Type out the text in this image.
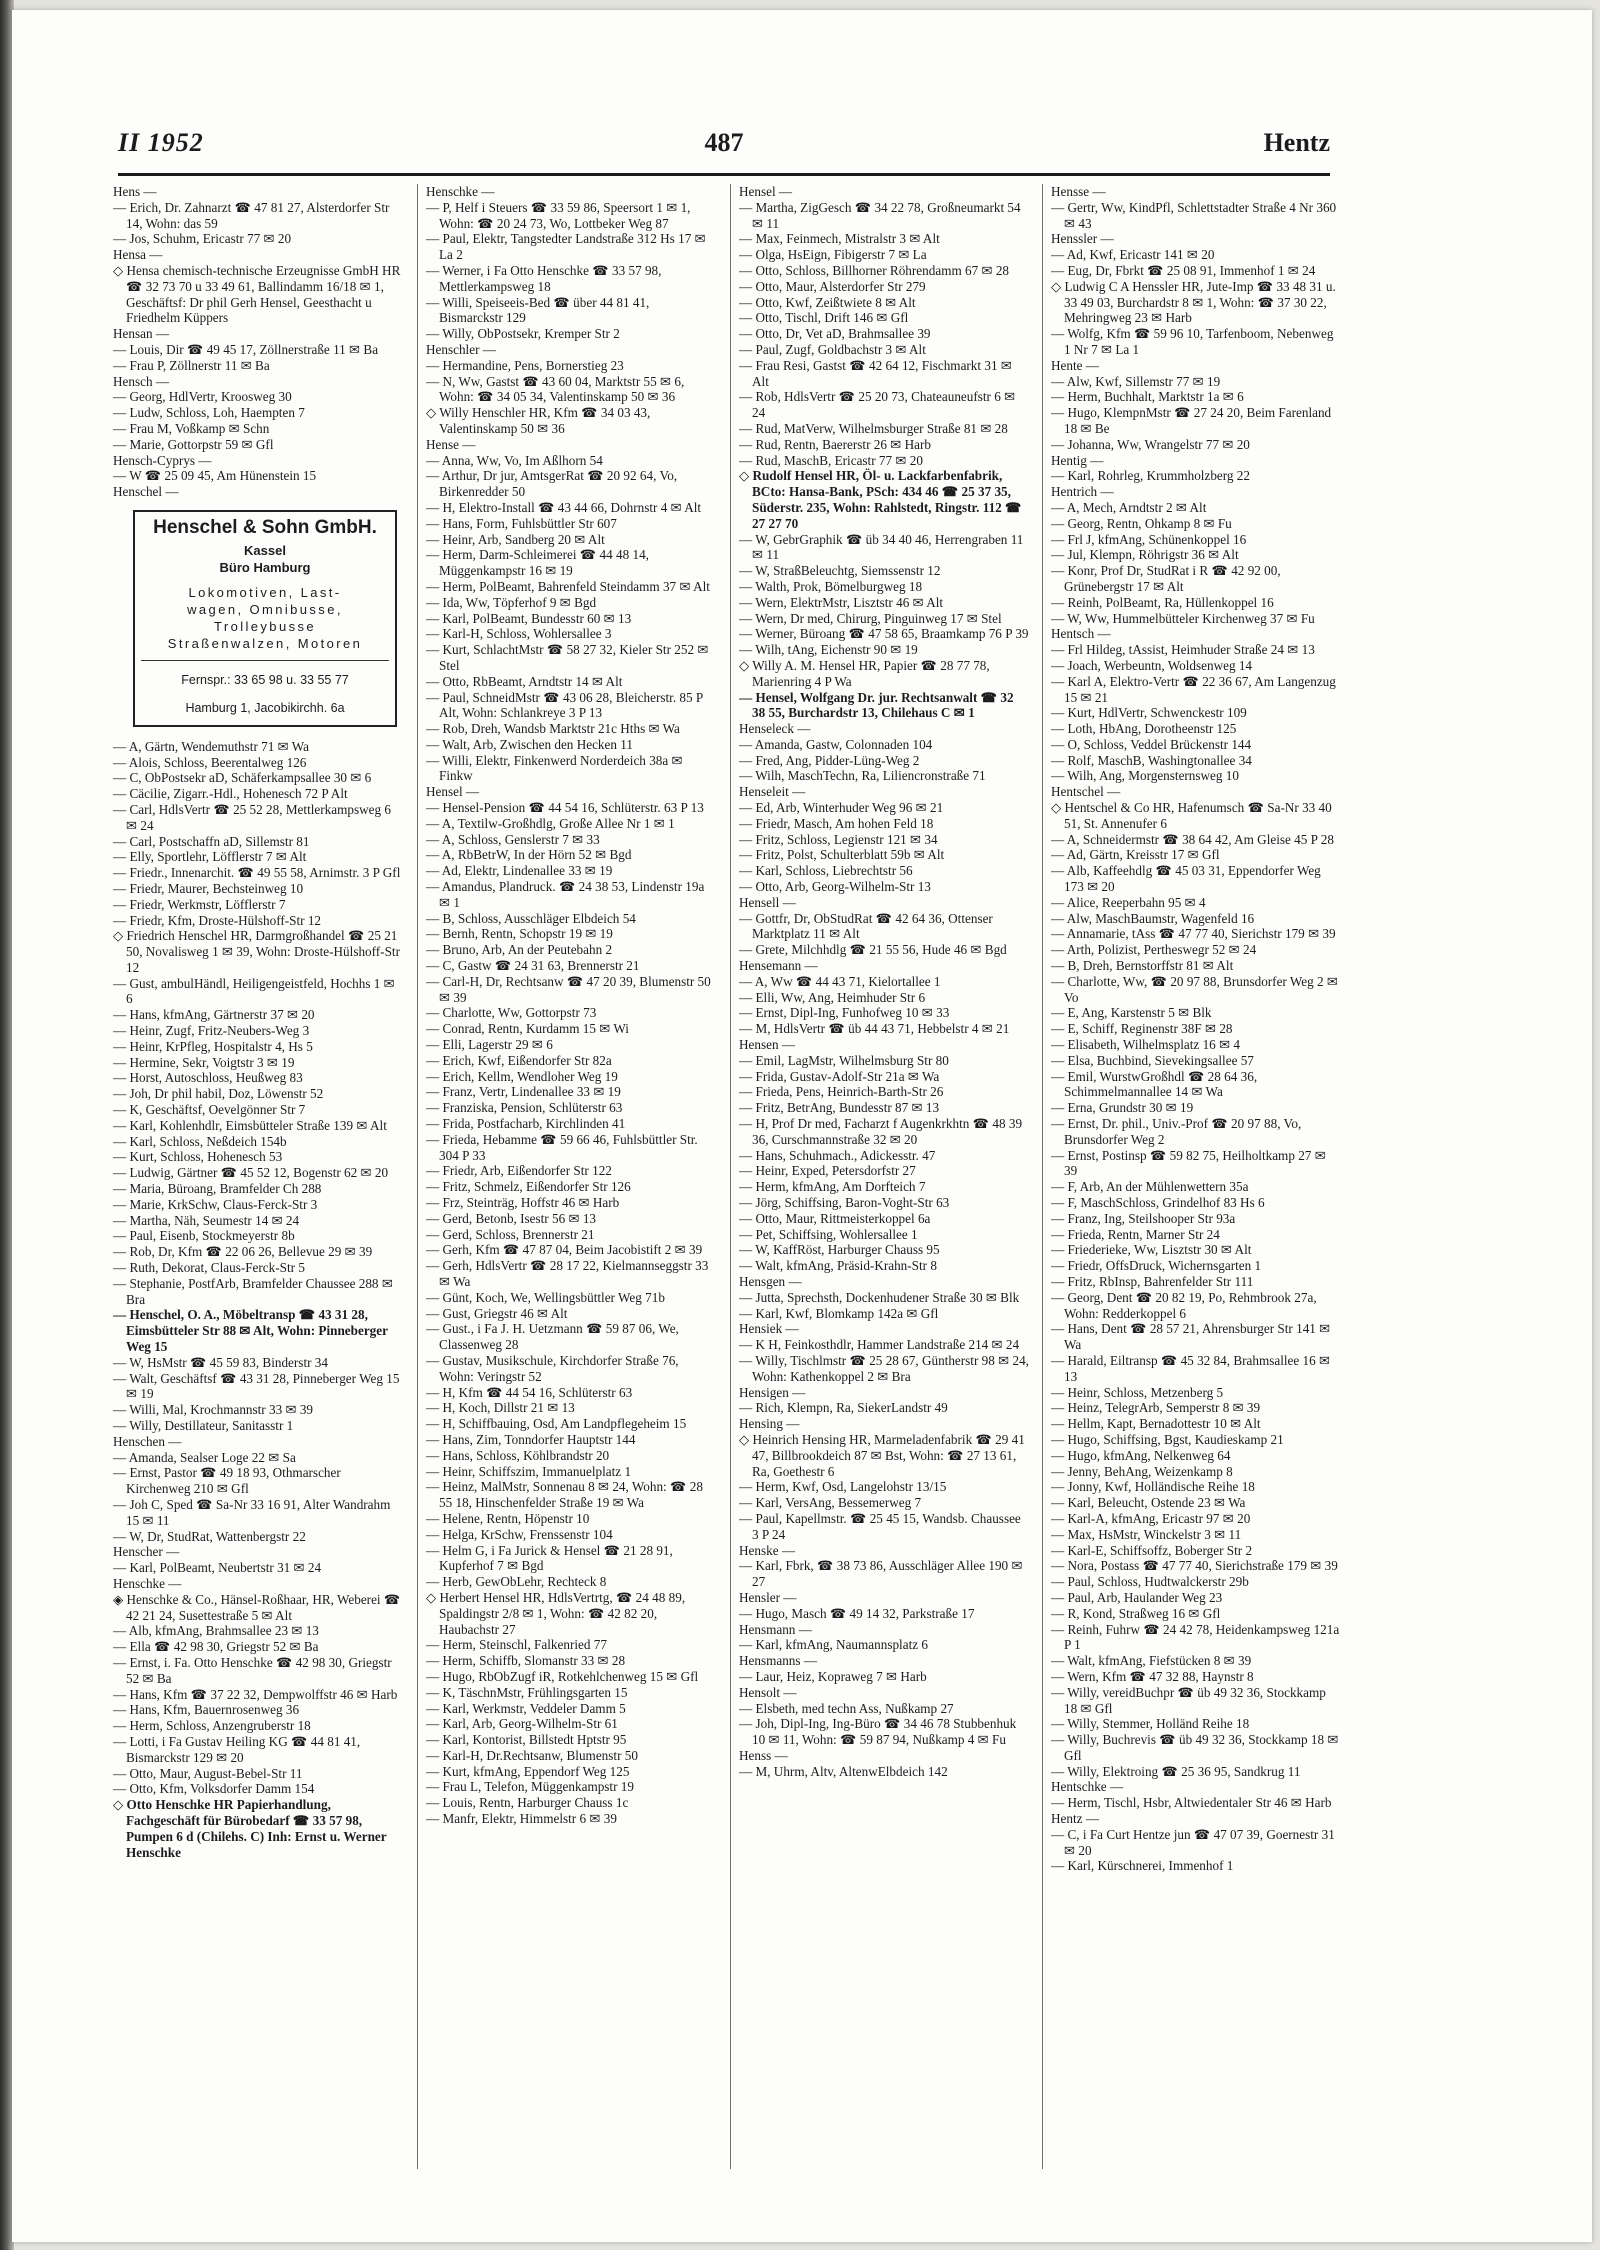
II 1952	487	Hentz

Hens —

— Erich, Dr. Zahnarzt ☎ 47 81 27, Alsterdorfer Str 14, Wohn: das 59

— Jos, Schuhm, Ericastr 77 ✉ 20

Hensa —

◇ Hensa chemisch-technische Erzeugnisse GmbH HR ☎ 32 73 70 u 33 49 61, Ballindamm 16/18 ✉ 1, Geschäftsf: Dr phil Gerh Hensel, Geesthacht u Friedhelm Küppers

Hensan —

— Louis, Dir ☎ 49 45 17, Zöllnerstraße 11 ✉ Ba

— Frau P, Zöllnerstr 11 ✉ Ba

Hensch —

— Georg, HdlVertr, Kroosweg 30

— Ludw, Schloss, Loh, Haempten 7

— Frau M, Voßkamp ✉ Schn

— Marie, Gottorpstr 59 ✉ Gfl

Hensch-Cyprys —

— W ☎ 25 09 45, Am Hünenstein 15

Henschel —

Henschel & Sohn GmbH.
Kassel
Büro Hamburg
Lokomotiven, Last-
wagen, Omnibusse,
Trolleybusse
Straßenwalzen, Motoren
Fernspr.: 33 65 98 u. 33 55 77
Hamburg 1, Jacobikirchh. 6a

— A, Gärtn, Wendemuthstr 71 ✉ Wa

— Alois, Schloss, Beerentalweg 126

— C, ObPostsekr aD, Schäferkampsallee 30 ✉ 6

— Cäcilie, Zigarr.-Hdl., Hohenesch 72 P Alt

— Carl, HdlsVertr ☎ 25 52 28, Mettlerkampsweg 6 ✉ 24

— Carl, Postschaffn aD, Sillemstr 81

— Elly, Sportlehr, Löfflerstr 7 ✉ Alt

— Friedr., Innenarchit. ☎ 49 55 58, Arnimstr. 3 P Gfl

— Friedr, Maurer, Bechsteinweg 10

— Friedr, Werkmstr, Löfflerstr 7

— Friedr, Kfm, Droste-Hülshoff-Str 12

◇ Friedrich Henschel HR, Darmgroßhandel ☎ 25 21 50, Novalisweg 1 ✉ 39, Wohn: Droste-Hülshoff-Str 12

— Gust, ambulHändl, Heiligengeistfeld, Hochhs 1 ✉ 6

— Hans, kfmAng, Gärtnerstr 37 ✉ 20

— Heinr, Zugf, Fritz-Neubers-Weg 3

— Heinr, KrPfleg, Hospitalstr 4, Hs 5

— Hermine, Sekr, Voigtstr 3 ✉ 19

— Horst, Autoschloss, Heußweg 83

— Joh, Dr phil habil, Doz, Löwenstr 52

— K, Geschäftsf, Oevelgönner Str 7

— Karl, Kohlenhdlr, Eimsbütteler Straße 139 ✉ Alt

— Karl, Schloss, Neßdeich 154b

— Kurt, Schloss, Hohenesch 53

— Ludwig, Gärtner ☎ 45 52 12, Bogenstr 62 ✉ 20

— Maria, Büroang, Bramfelder Ch 288

— Marie, KrkSchw, Claus-Ferck-Str 3

— Martha, Näh, Seumestr 14 ✉ 24

— Paul, Eisenb, Stockmeyerstr 8b

— Rob, Dr, Kfm ☎ 22 06 26, Bellevue 29 ✉ 39

— Ruth, Dekorat, Claus-Ferck-Str 5

— Stephanie, PostfArb, Bramfelder Chaussee 288 ✉ Bra

— Henschel, O. A., Möbeltransp ☎ 43 31 28, Eimsbütteler Str 88 ✉ Alt, Wohn: Pinneberger Weg 15

— W, HsMstr ☎ 45 59 83, Binderstr 34

— Walt, Geschäftsf ☎ 43 31 28, Pinneberger Weg 15 ✉ 19

— Willi, Mal, Krochmannstr 33 ✉ 39

— Willy, Destillateur, Sanitasstr 1

Henschen —

— Amanda, Sealser Loge 22 ✉ Sa

— Ernst, Pastor ☎ 49 18 93, Othmarscher Kirchenweg 210 ✉ Gfl

— Joh C, Sped ☎ Sa-Nr 33 16 91, Alter Wandrahm 15 ✉ 11

— W, Dr, StudRat, Wattenbergstr 22

Henscher —

— Karl, PolBeamt, Neubertstr 31 ✉ 24

Henschke —

◈ Henschke & Co., Hänsel-Roßhaar, HR, Weberei ☎ 42 21 24, Susettestraße 5 ✉ Alt

— Alb, kfmAng, Brahmsallee 23 ✉ 13

— Ella ☎ 42 98 30, Griegstr 52 ✉ Ba

— Ernst, i. Fa. Otto Henschke ☎ 42 98 30, Griegstr 52 ✉ Ba

— Hans, Kfm ☎ 37 22 32, Dempwolffstr 46 ✉ Harb

— Hans, Kfm, Bauernrosenweg 36

— Herm, Schloss, Anzengruberstr 18

— Lotti, i Fa Gustav Heiling KG ☎ 44 81 41, Bismarckstr 129 ✉ 20

— Otto, Maur, August-Bebel-Str 11

— Otto, Kfm, Volksdorfer Damm 154

◇ Otto Henschke HR Papierhandlung, Fachgeschäft für Bürobedarf ☎ 33 57 98, Pumpen 6 d (Chilehs. C) Inh: Ernst u. Werner Henschke

Henschke —

— P, Helf i Steuers ☎ 33 59 86, Speersort 1 ✉ 1, Wohn: ☎ 20 24 73, Wo, Lottbeker Weg 87

— Paul, Elektr, Tangstedter Landstraße 312 Hs 17 ✉ La 2

— Werner, i Fa Otto Henschke ☎ 33 57 98, Mettlerkampsweg 18

— Willi, Speiseeis-Bed ☎ über 44 81 41, Bismarckstr 129

— Willy, ObPostsekr, Kremper Str 2

Henschler —

— Hermandine, Pens, Bornerstieg 23

— N, Ww, Gastst ☎ 43 60 04, Marktstr 55 ✉ 6, Wohn: ☎ 34 05 34, Valentinskamp 50 ✉ 36

◇ Willy Henschler HR, Kfm ☎ 34 03 43, Valentinskamp 50 ✉ 36

Hense —

— Anna, Ww, Vo, Im Aßlhorn 54

— Arthur, Dr jur, AmtsgerRat ☎ 20 92 64, Vo, Birkenredder 50

— H, Elektro-Install ☎ 43 44 66, Dohrnstr 4 ✉ Alt

— Hans, Form, Fuhlsbüttler Str 607

— Heinr, Arb, Sandberg 20 ✉ Alt

— Herm, Darm-Schleimerei ☎ 44 48 14, Müggenkampstr 16 ✉ 19

— Herm, PolBeamt, Bahrenfeld Steindamm 37 ✉ Alt

— Ida, Ww, Töpferhof 9 ✉ Bgd

— Karl, PolBeamt, Bundesstr 60 ✉ 13

— Karl-H, Schloss, Wohlersallee 3

— Kurt, SchlachtMstr ☎ 58 27 32, Kieler Str 252 ✉ Stel

— Otto, RbBeamt, Arndtstr 14 ✉ Alt

— Paul, SchneidMstr ☎ 43 06 28, Bleicherstr. 85 P Alt, Wohn: Schlankreye 3 P 13

— Rob, Dreh, Wandsb Marktstr 21c Hths ✉ Wa

— Walt, Arb, Zwischen den Hecken 11

— Willi, Elektr, Finkenwerd Norderdeich 38a ✉ Finkw

Hensel —

— Hensel-Pension ☎ 44 54 16, Schlüterstr. 63 P 13

— A, Textilw-Großhdlg, Große Allee Nr 1 ✉ 1

— A, Schloss, Genslerstr 7 ✉ 33

— A, RbBetrW, In der Hörn 52 ✉ Bgd

— Ad, Elektr, Lindenallee 33 ✉ 19

— Amandus, Plandruck. ☎ 24 38 53, Lindenstr 19a ✉ 1

— B, Schloss, Ausschläger Elbdeich 54

— Bernh, Rentn, Schopstr 19 ✉ 19

— Bruno, Arb, An der Peutebahn 2

— C, Gastw ☎ 24 31 63, Brennerstr 21

— Carl-H, Dr, Rechtsanw ☎ 47 20 39, Blumenstr 50 ✉ 39

— Charlotte, Ww, Gottorpstr 73

— Conrad, Rentn, Kurdamm 15 ✉ Wi

— Elli, Lagerstr 29 ✉ 6

— Erich, Kwf, Eißendorfer Str 82a

— Erich, Kellm, Wendloher Weg 19

— Franz, Vertr, Lindenallee 33 ✉ 19

— Franziska, Pension, Schlüterstr 63

— Frida, Postfacharb, Kirchlinden 41

— Frieda, Hebamme ☎ 59 66 46, Fuhlsbüttler Str. 304 P 33

— Friedr, Arb, Eißendorfer Str 122

— Fritz, Schmelz, Eißendorfer Str 126

— Frz, Steinträg, Hoffstr 46 ✉ Harb

— Gerd, Betonb, Isestr 56 ✉ 13

— Gerd, Schloss, Brennerstr 21

— Gerh, Kfm ☎ 47 87 04, Beim Jacobistift 2 ✉ 39

— Gerh, HdlsVertr ☎ 28 17 22, Kielmannseggstr 33 ✉ Wa

— Günt, Koch, We, Wellingsbüttler Weg 71b

— Gust, Griegstr 46 ✉ Alt

— Gust., i Fa J. H. Uetzmann ☎ 59 87 06, We, Classenweg 28

— Gustav, Musikschule, Kirchdorfer Straße 76, Wohn: Veringstr 52

— H, Kfm ☎ 44 54 16, Schlüterstr 63

— H, Koch, Dillstr 21 ✉ 13

— H, Schiffbauing, Osd, Am Landpflegeheim 15

— Hans, Zim, Tonndorfer Hauptstr 144

— Hans, Schloss, Köhlbrandstr 20

— Heinr, Schiffszim, Immanuelplatz 1

— Heinz, MalMstr, Sonnenau 8 ✉ 24, Wohn: ☎ 28 55 18, Hinschenfelder Straße 19 ✉ Wa

— Helene, Rentn, Höpenstr 10

— Helga, KrSchw, Frenssenstr 104

— Helm G, i Fa Jurick & Hensel ☎ 21 28 91, Kupferhof 7 ✉ Bgd

— Herb, GewObLehr, Rechteck 8

◇ Herbert Hensel HR, HdlsVertrtg, ☎ 24 48 89, Spaldingstr 2/8 ✉ 1, Wohn: ☎ 42 82 20, Haubachstr 27

— Herm, Steinschl, Falkenried 77

— Herm, Schiffb, Slomanstr 33 ✉ 28

— Hugo, RbObZugf iR, Rotkehlchenweg 15 ✉ Gfl

— K, TäschnMstr, Frühlingsgarten 15

— Karl, Werkmstr, Veddeler Damm 5

— Karl, Arb, Georg-Wilhelm-Str 61

— Karl, Kontorist, Billstedt Hptstr 95

— Karl-H, Dr.Rechtsanw, Blumenstr 50

— Kurt, kfmAng, Eppendorf Weg 125

— Frau L, Telefon, Müggenkampstr 19

— Louis, Rentn, Harburger Chauss 1c

— Manfr, Elektr, Himmelstr 6 ✉ 39

Hensel —

— Martha, ZigGesch ☎ 34 22 78, Großneumarkt 54 ✉ 11

— Max, Feinmech, Mistralstr 3 ✉ Alt

— Olga, HsEign, Fibigerstr 7 ✉ La

— Otto, Schloss, Billhorner Röhrendamm 67 ✉ 28

— Otto, Maur, Alsterdorfer Str 279

— Otto, Kwf, Zeißtwiete 8 ✉ Alt

— Otto, Tischl, Drift 146 ✉ Gfl

— Otto, Dr, Vet aD, Brahmsallee 39

— Paul, Zugf, Goldbachstr 3 ✉ Alt

— Frau Resi, Gastst ☎ 42 64 12, Fischmarkt 31 ✉ Alt

— Rob, HdlsVertr ☎ 25 20 73, Chateauneufstr 6 ✉ 24

— Rud, MatVerw, Wilhelmsburger Straße 81 ✉ 28

— Rud, Rentn, Baererstr 26 ✉ Harb

— Rud, MaschB, Ericastr 77 ✉ 20

◇ Rudolf Hensel HR, Öl- u. Lackfarbenfabrik, BCto: Hansa-Bank, PSch: 434 46 ☎ 25 37 35, Süderstr. 235, Wohn: Rahlstedt, Ringstr. 112 ☎ 27 27 70

— W, GebrGraphik ☎ üb 34 40 46, Herrengraben 11 ✉ 11

— W, StraßBeleuchtg, Siemssenstr 12

— Walth, Prok, Bömelburgweg 18

— Wern, ElektrMstr, Lisztstr 46 ✉ Alt

— Wern, Dr med, Chirurg, Pinguinweg 17 ✉ Stel

— Werner, Büroang ☎ 47 58 65, Braamkamp 76 P 39

— Wilh, tAng, Eichenstr 90 ✉ 19

◇ Willy A. M. Hensel HR, Papier ☎ 28 77 78, Marienring 4 P Wa

— Hensel, Wolfgang Dr. jur. Rechtsanwalt ☎ 32 38 55, Burchardstr 13, Chilehaus C ✉ 1

Henseleck —

— Amanda, Gastw, Colonnaden 104

— Fred, Ang, Pidder-Lüng-Weg 2

— Wilh, MaschTechn, Ra, Liliencronstraße 71

Henseleit —

— Ed, Arb, Winterhuder Weg 96 ✉ 21

— Friedr, Masch, Am hohen Feld 18

— Fritz, Schloss, Legienstr 121 ✉ 34

— Fritz, Polst, Schulterblatt 59b ✉ Alt

— Karl, Schloss, Liebrechtstr 56

— Otto, Arb, Georg-Wilhelm-Str 13

Hensell —

— Gottfr, Dr, ObStudRat ☎ 42 64 36, Ottenser Marktplatz 11 ✉ Alt

— Grete, Milchhdlg ☎ 21 55 56, Hude 46 ✉ Bgd

Hensemann —

— A, Ww ☎ 44 43 71, Kielortallee 1

— Elli, Ww, Ang, Heimhuder Str 6

— Ernst, Dipl-Ing, Funhofweg 10 ✉ 33

— M, HdlsVertr ☎ üb 44 43 71, Hebbelstr 4 ✉ 21

Hensen —

— Emil, LagMstr, Wilhelmsburg Str 80

— Frida, Gustav-Adolf-Str 21a ✉ Wa

— Frieda, Pens, Heinrich-Barth-Str 26

— Fritz, BetrAng, Bundesstr 87 ✉ 13

— H, Prof Dr med, Facharzt f Augenkrkhtn ☎ 48 39 36, Curschmannstraße 32 ✉ 20

— Hans, Schuhmach., Adickesstr. 47

— Heinr, Exped, Petersdorfstr 27

— Herm, kfmAng, Am Dorfteich 7

— Jörg, Schiffsing, Baron-Voght-Str 63

— Otto, Maur, Rittmeisterkoppel 6a

— Pet, Schiffsing, Wohlersallee 1

— W, KaffRöst, Harburger Chauss 95

— Walt, kfmAng, Präsid-Krahn-Str 8

Hensgen —

— Jutta, Sprechsth, Dockenhudener Straße 30 ✉ Blk

— Karl, Kwf, Blomkamp 142a ✉ Gfl

Hensiek —

— K H, Feinkosthdlr, Hammer Landstraße 214 ✉ 24

— Willy, Tischlmstr ☎ 25 28 67, Güntherstr 98 ✉ 24, Wohn: Kathenkoppel 2 ✉ Bra

Hensigen —

— Rich, Klempn, Ra, SiekerLandstr 49

Hensing —

◇ Heinrich Hensing HR, Marmeladenfabrik ☎ 29 41 47, Billbrookdeich 87 ✉ Bst, Wohn: ☎ 27 13 61, Ra, Goethestr 6

— Herm, Kwf, Osd, Langelohstr 13/15

— Karl, VersAng, Bessemerweg 7

— Paul, Kapellmstr. ☎ 25 45 15, Wandsb. Chaussee 3 P 24

Henske —

— Karl, Fbrk, ☎ 38 73 86, Ausschläger Allee 190 ✉ 27

Hensler —

— Hugo, Masch ☎ 49 14 32, Parkstraße 17

Hensmann —

— Karl, kfmAng, Naumannsplatz 6

Hensmanns —

— Laur, Heiz, Kopraweg 7 ✉ Harb

Hensolt —

— Elsbeth, med techn Ass, Nußkamp 27

— Joh, Dipl-Ing, Ing-Büro ☎ 34 46 78 Stubbenhuk 10 ✉ 11, Wohn: ☎ 59 87 94, Nußkamp 4 ✉ Fu

Henss —

— M, Uhrm, Altv, AltenwElbdeich 142

Hensse —

— Gertr, Ww, KindPfl, Schlettstadter Straße 4 Nr 360 ✉ 43

Henssler —

— Ad, Kwf, Ericastr 141 ✉ 20

— Eug, Dr, Fbrkt ☎ 25 08 91, Immenhof 1 ✉ 24

◇ Ludwig C A Henssler HR, Jute-Imp ☎ 33 48 31 u. 33 49 03, Burchardstr 8 ✉ 1, Wohn: ☎ 37 30 22, Mehringweg 23 ✉ Harb

— Wolfg, Kfm ☎ 59 96 10, Tarfenboom, Nebenweg 1 Nr 7 ✉ La 1

Hente —

— Alw, Kwf, Sillemstr 77 ✉ 19

— Herm, Buchhalt, Marktstr 1a ✉ 6

— Hugo, KlempnMstr ☎ 27 24 20, Beim Farenland 18 ✉ Be

— Johanna, Ww, Wrangelstr 77 ✉ 20

Hentig —

— Karl, Rohrleg, Krummholzberg 22

Hentrich —

— A, Mech, Arndtstr 2 ✉ Alt

— Georg, Rentn, Ohkamp 8 ✉ Fu

— Frl J, kfmAng, Schünenkoppel 16

— Jul, Klempn, Röhrigstr 36 ✉ Alt

— Konr, Prof Dr, StudRat i R ☎ 42 92 00, Grünebergstr 17 ✉ Alt

— Reinh, PolBeamt, Ra, Hüllenkoppel 16

— W, Ww, Hummelbütteler Kirchenweg 37 ✉ Fu

Hentsch —

— Frl Hildeg, tAssist, Heimhuder Straße 24 ✉ 13

— Joach, Werbeuntn, Woldsenweg 14

— Karl A, Elektro-Vertr ☎ 22 36 67, Am Langenzug 15 ✉ 21

— Kurt, HdlVertr, Schwenckestr 109

— Loth, HbAng, Dorotheenstr 125

— O, Schloss, Veddel Brückenstr 144

— Rolf, MaschB, Washingtonallee 34

— Wilh, Ang, Morgensternsweg 10

Hentschel —

◇ Hentschel & Co HR, Hafenumsch ☎ Sa-Nr 33 40 51, St. Annenufer 6

— A, Schneidermstr ☎ 38 64 42, Am Gleise 45 P 28

— Ad, Gärtn, Kreisstr 17 ✉ Gfl

— Alb, Kaffeehdlg ☎ 45 03 31, Eppendorfer Weg 173 ✉ 20

— Alice, Reeperbahn 95 ✉ 4

— Alw, MaschBaumstr, Wagenfeld 16

— Annamarie, tAss ☎ 47 77 40, Sierichstr 179 ✉ 39

— Arth, Polizist, Pertheswegr 52 ✉ 24

— B, Dreh, Bernstorffstr 81 ✉ Alt

— Charlotte, Ww, ☎ 20 97 88, Brunsdorfer Weg 2 ✉ Vo

— E, Ang, Karstenstr 5 ✉ Blk

— E, Schiff, Reginenstr 38F ✉ 28

— Elisabeth, Wilhelmsplatz 16 ✉ 4

— Elsa, Buchbind, Sievekingsallee 57

— Emil, WurstwGroßhdl ☎ 28 64 36, Schimmelmannallee 14 ✉ Wa

— Erna, Grundstr 30 ✉ 19

— Ernst, Dr. phil., Univ.-Prof ☎ 20 97 88, Vo, Brunsdorfer Weg 2

— Ernst, Postinsp ☎ 59 82 75, Heilholtkamp 27 ✉ 39

— F, Arb, An der Mühlenwettern 35a

— F, MaschSchloss, Grindelhof 83 Hs 6

— Franz, Ing, Steilshooper Str 93a

— Frieda, Rentn, Marner Str 24

— Friederieke, Ww, Lisztstr 30 ✉ Alt

— Friedr, OffsDruck, Wichernsgarten 1

— Fritz, RbInsp, Bahrenfelder Str 111

— Georg, Dent ☎ 20 82 19, Po, Rehmbrook 27a, Wohn: Redderkoppel 6

— Hans, Dent ☎ 28 57 21, Ahrensburger Str 141 ✉ Wa

— Harald, Eiltransp ☎ 45 32 84, Brahmsallee 16 ✉ 13

— Heinr, Schloss, Metzenberg 5

— Heinz, TelegrArb, Semperstr 8 ✉ 39

— Hellm, Kapt, Bernadottestr 10 ✉ Alt

— Hugo, Schiffsing, Bgst, Kaudieskamp 21

— Hugo, kfmAng, Nelkenweg 64

— Jenny, BehAng, Weizenkamp 8

— Jonny, Kwf, Holländische Reihe 18

— Karl, Beleucht, Ostende 23 ✉ Wa

— Karl-A, kfmAng, Ericastr 97 ✉ 20

— Max, HsMstr, Winckelstr 3 ✉ 11

— Karl-E, Schiffsoffz, Boberger Str 2

— Nora, Postass ☎ 47 77 40, Sierichstraße 179 ✉ 39

— Paul, Schloss, Hudtwalckerstr 29b

— Paul, Arb, Haulander Weg 23

— R, Kond, Straßweg 16 ✉ Gfl

— Reinh, Fuhrw ☎ 24 42 78, Heidenkampsweg 121a P 1

— Walt, kfmAng, Fiefstücken 8 ✉ 39

— Wern, Kfm ☎ 47 32 88, Haynstr 8

— Willy, vereidBuchpr ☎ üb 49 32 36, Stockkamp 18 ✉ Gfl

— Willy, Stemmer, Holländ Reihe 18

— Willy, Buchrevis ☎ üb 49 32 36, Stockkamp 18 ✉ Gfl

— Willy, Elektroing ☎ 25 36 95, Sandkrug 11

Hentschke —

— Herm, Tischl, Hsbr, Altwiedentaler Str 46 ✉ Harb

Hentz —

— C, i Fa Curt Hentze jun ☎ 47 07 39, Goernestr 31 ✉ 20

— Karl, Kürschnerei, Immenhof 1
